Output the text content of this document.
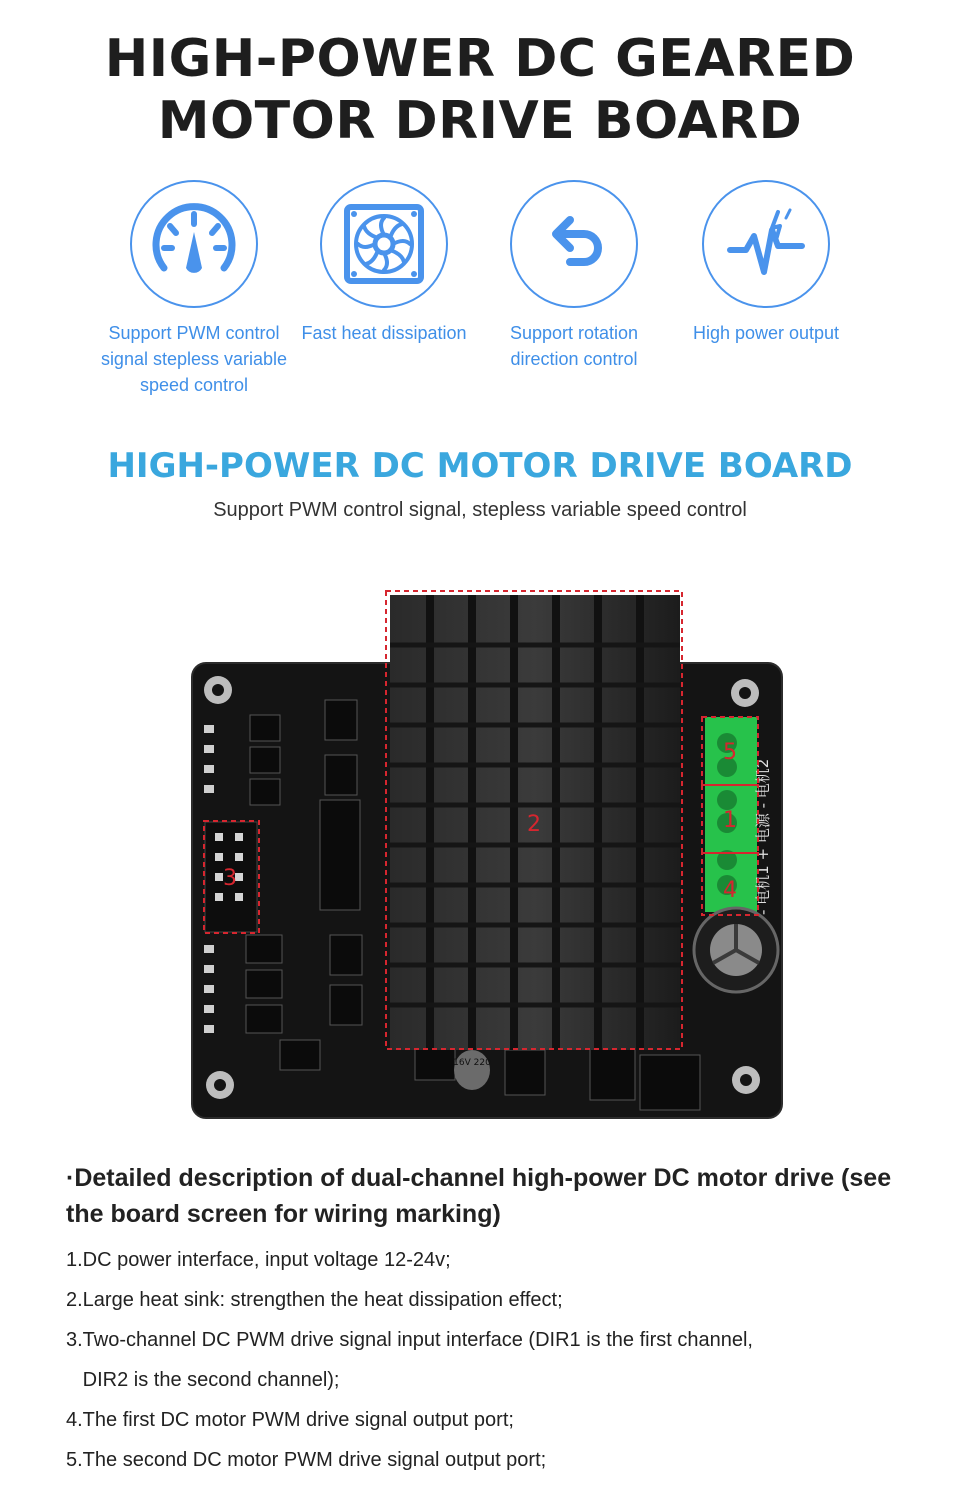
HIGH-POWER DC GEARED
MOTOR DRIVE BOARD
Support PWM control signal stepless variable speed control
Fast heat dissipation	Support rotation direction control
High power output
HIGH-POWER DC MOTOR DRIVE BOARD
Support PWM control signal, stepless variable speed control
16V 220
- 电机1 + 电源 - 电机2
1
2
3	4
5
·Detailed description of dual-channel high-power DC motor drive (see the board screen for wiring marking)
1.DC power interface, input voltage 12-24v;
2.Large heat sink: strengthen the heat dissipation effect;
3.Two-channel DC PWM drive signal input interface (DIR1 is the first channel,
DIR2 is the second channel);
4.The first DC motor PWM drive signal output port;
5.The second DC motor PWM drive signal output port;
